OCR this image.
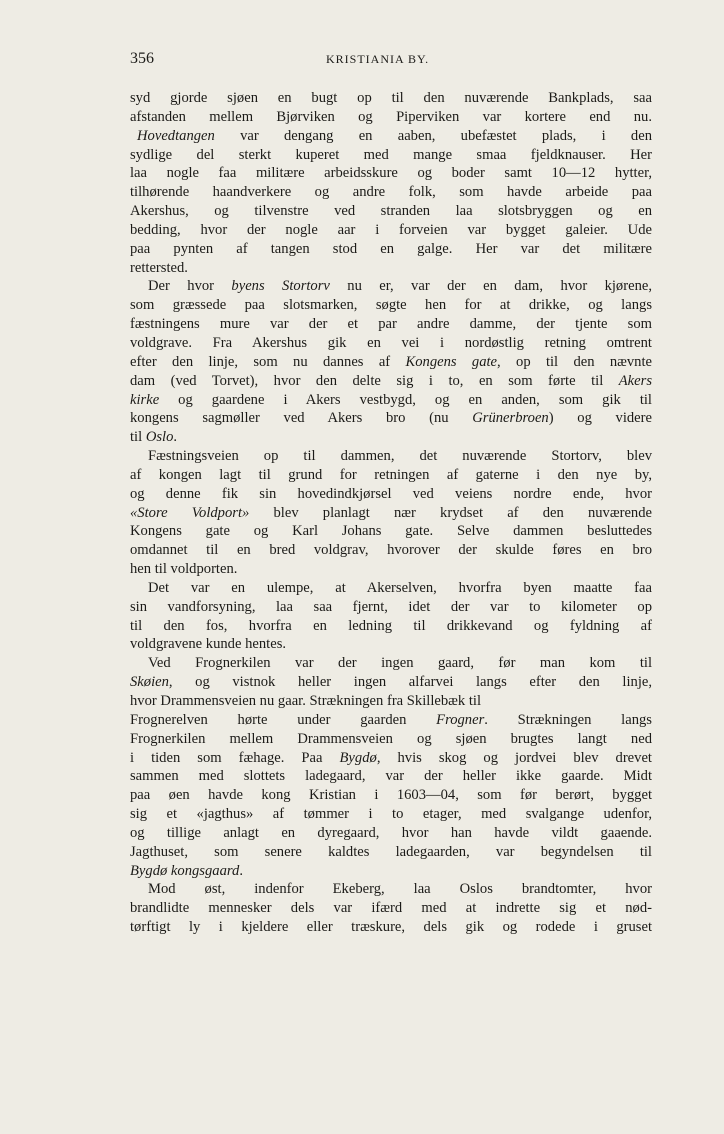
356	KRISTIANIA BY.
syd gjorde sjøen en bugt op til den nuværende Bankplads, saa
afstanden mellem Bjørviken og Piperviken var kortere end nu.
Hovedtangen var dengang en aaben, ubefæstet plads, i den
sydlige del sterkt kuperet med mange smaa fjeldknauser. Her
laa nogle faa militære arbeidsskure og boder samt 10—12 hytter,
tilhørende haandverkere og andre folk, som havde arbeide paa
Akershus, og tilvenstre ved stranden laa slotsbryggen og en
bedding, hvor der nogle aar i forveien var bygget galeier. Ude
paa pynten af tangen stod en galge. Her var det militære
rettersted.
Der hvor byens Stortorv nu er, var der en dam, hvor kjørene,
som græssede paa slotsmarken, søgte hen for at drikke, og langs
fæstningens mure var der et par andre damme, der tjente som
voldgrave. Fra Akershus gik en vei i nordøstlig retning omtrent
efter den linje, som nu dannes af Kongens gate, op til den nævnte
dam (ved Torvet), hvor den delte sig i to, en som førte til Akers
kirke og gaardene i Akers vestbygd, og en anden, som gik til
kongens sagmøller ved Akers bro (nu Grünerbroen) og videre
til Oslo.
Fæstningsveien op til dammen, det nuværende Stortorv, blev
af kongen lagt til grund for retningen af gaterne i den nye by,
og denne fik sin hovedindkjørsel ved veiens nordre ende, hvor
«Store Voldport» blev planlagt nær krydset af den nuværende
Kongens gate og Karl Johans gate. Selve dammen besluttedes
omdannet til en bred voldgrav, hvorover der skulde føres en bro
hen til voldporten.
Det var en ulempe, at Akerselven, hvorfra byen maatte faa
sin vandforsyning, laa saa fjernt, idet der var to kilometer op
til den fos, hvorfra en ledning til drikkevand og fyldning af
voldgravene kunde hentes.
Ved Frognerkilen var der ingen gaard, før man kom til
Skøien, og vistnok heller ingen alfarvei langs efter den linje,
hvor Drammensveien nu gaar. Strækningen fra Skillebæk til
Frognerelven hørte under gaarden Frogner. Strækningen langs
Frognerkilen mellem Drammensveien og sjøen brugtes langt ned
i tiden som fæhage. Paa Bygdø, hvis skog og jordvei blev drevet
sammen med slottets ladegaard, var der heller ikke gaarde. Midt
paa øen havde kong Kristian i 1603—04, som før berørt, bygget
sig et «jagthus» af tømmer i to etager, med svalgange udenfor,
og tillige anlagt en dyregaard, hvor han havde vildt gaaende.
Jagthuset, som senere kaldtes ladegaarden, var begyndelsen til
Bygdø kongsgaard.
Mod øst, indenfor Ekeberg, laa Oslos brandtomter, hvor
brandlidte mennesker dels var ifærd med at indrette sig et nød-
tørftigt ly i kjeldere eller træskure, dels gik og rodede i gruset
